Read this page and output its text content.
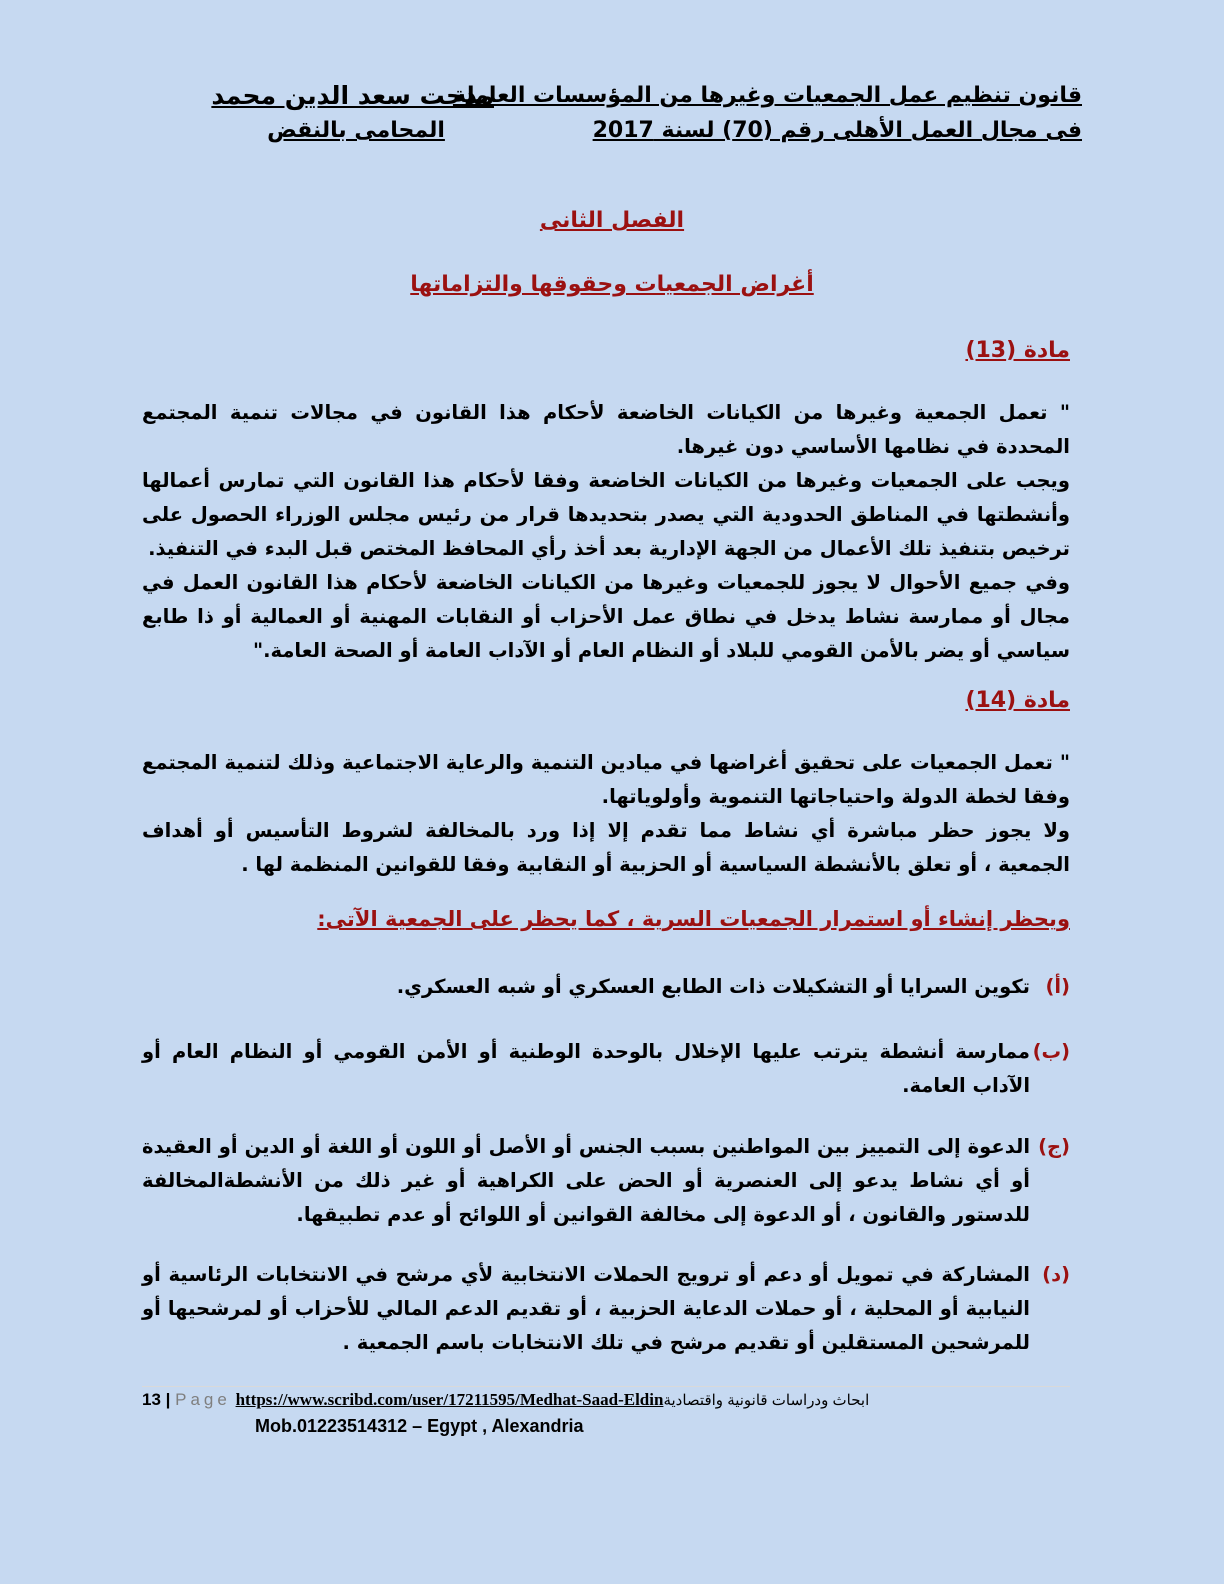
قانون تنظيم عمل الجمعيات وغيرها من المؤسسات العاملة
فى مجال العمل الأهلى رقم (70) لسنة 2017
مدحت سعد الدين محمد
المحامى بالنقض
الفصل الثانى
أغراض الجمعيات وحقوقها والتزاماتها
مادة (13)

" تعمل الجمعية وغيرها من الكيانات الخاضعة لأحكام هذا القانون في مجالات تنمية المجتمع المحددة في نظامها الأساسي دون غيرها.

ويجب على الجمعيات وغيرها من الكيانات الخاضعة وفقا لأحكام هذا القانون التي تمارس أعمالها وأنشطتها في المناطق الحدودية التي يصدر بتحديدها قرار من رئيس مجلس الوزراء الحصول على ترخيص بتنفيذ تلك الأعمال من الجهة الإدارية بعد أخذ رأي المحافظ المختص قبل البدء في التنفيذ.

وفي جميع الأحوال لا يجوز للجمعيات وغيرها من الكيانات الخاضعة لأحكام هذا القانون العمل في مجال أو ممارسة نشاط يدخل في نطاق عمل الأحزاب أو النقابات المهنية أو العمالية أو ذا طابع سياسي أو يضر بالأمن القومي للبلاد أو النظام العام أو الآداب العامة أو الصحة العامة."

مادة (14)

" تعمل الجمعيات على تحقيق أغراضها في ميادين التنمية والرعاية الاجتماعية وذلك لتنمية المجتمع وفقا لخطة الدولة واحتياجاتها التنموية وأولوياتها.

ولا يجوز حظر مباشرة أي نشاط مما تقدم إلا إذا ورد بالمخالفة لشروط التأسيس أو أهداف الجمعية ، أو تعلق بالأنشطة السياسية أو الحزبية أو النقابية وفقا للقوانين المنظمة لها .

ويحظر إنشاء أو استمرار الجمعيات السرية ، كما يحظر على الجمعية الآتى:
(أ)
تكوين السرايا أو التشكيلات ذات الطابع العسكري أو شبه العسكري.
(ب)
ممارسة أنشطة يترتب عليها الإخلال بالوحدة الوطنية أو الأمن القومي أو النظام العام أو الآداب العامة.
(ج)
الدعوة إلى التمييز بين المواطنين بسبب الجنس أو الأصل أو اللون أو اللغة أو الدين أو العقيدة أو أي نشاط يدعو إلى العنصرية أو الحض على الكراهية أو غير ذلك من الأنشطةالمخالفة للدستور والقانون ، أو الدعوة إلى مخالفة القوانين أو اللوائح أو عدم تطبيقها.
(د)
المشاركة في تمويل أو دعم أو ترويج الحملات الانتخابية لأي مرشح في الانتخابات الرئاسية أو النيابية أو المحلية ، أو حملات الدعاية الحزبية ، أو تقديم الدعم المالي للأحزاب أو لمرشحيها أو للمرشحين المستقلين أو تقديم مرشح في تلك الانتخابات باسم الجمعية .
13 | Page https://www.scribd.com/user/17211595/Medhat-Saad-Eldinابحاث ودراسات قانونية واقتصادية
Mob.01223514312 – Egypt , Alexandria
